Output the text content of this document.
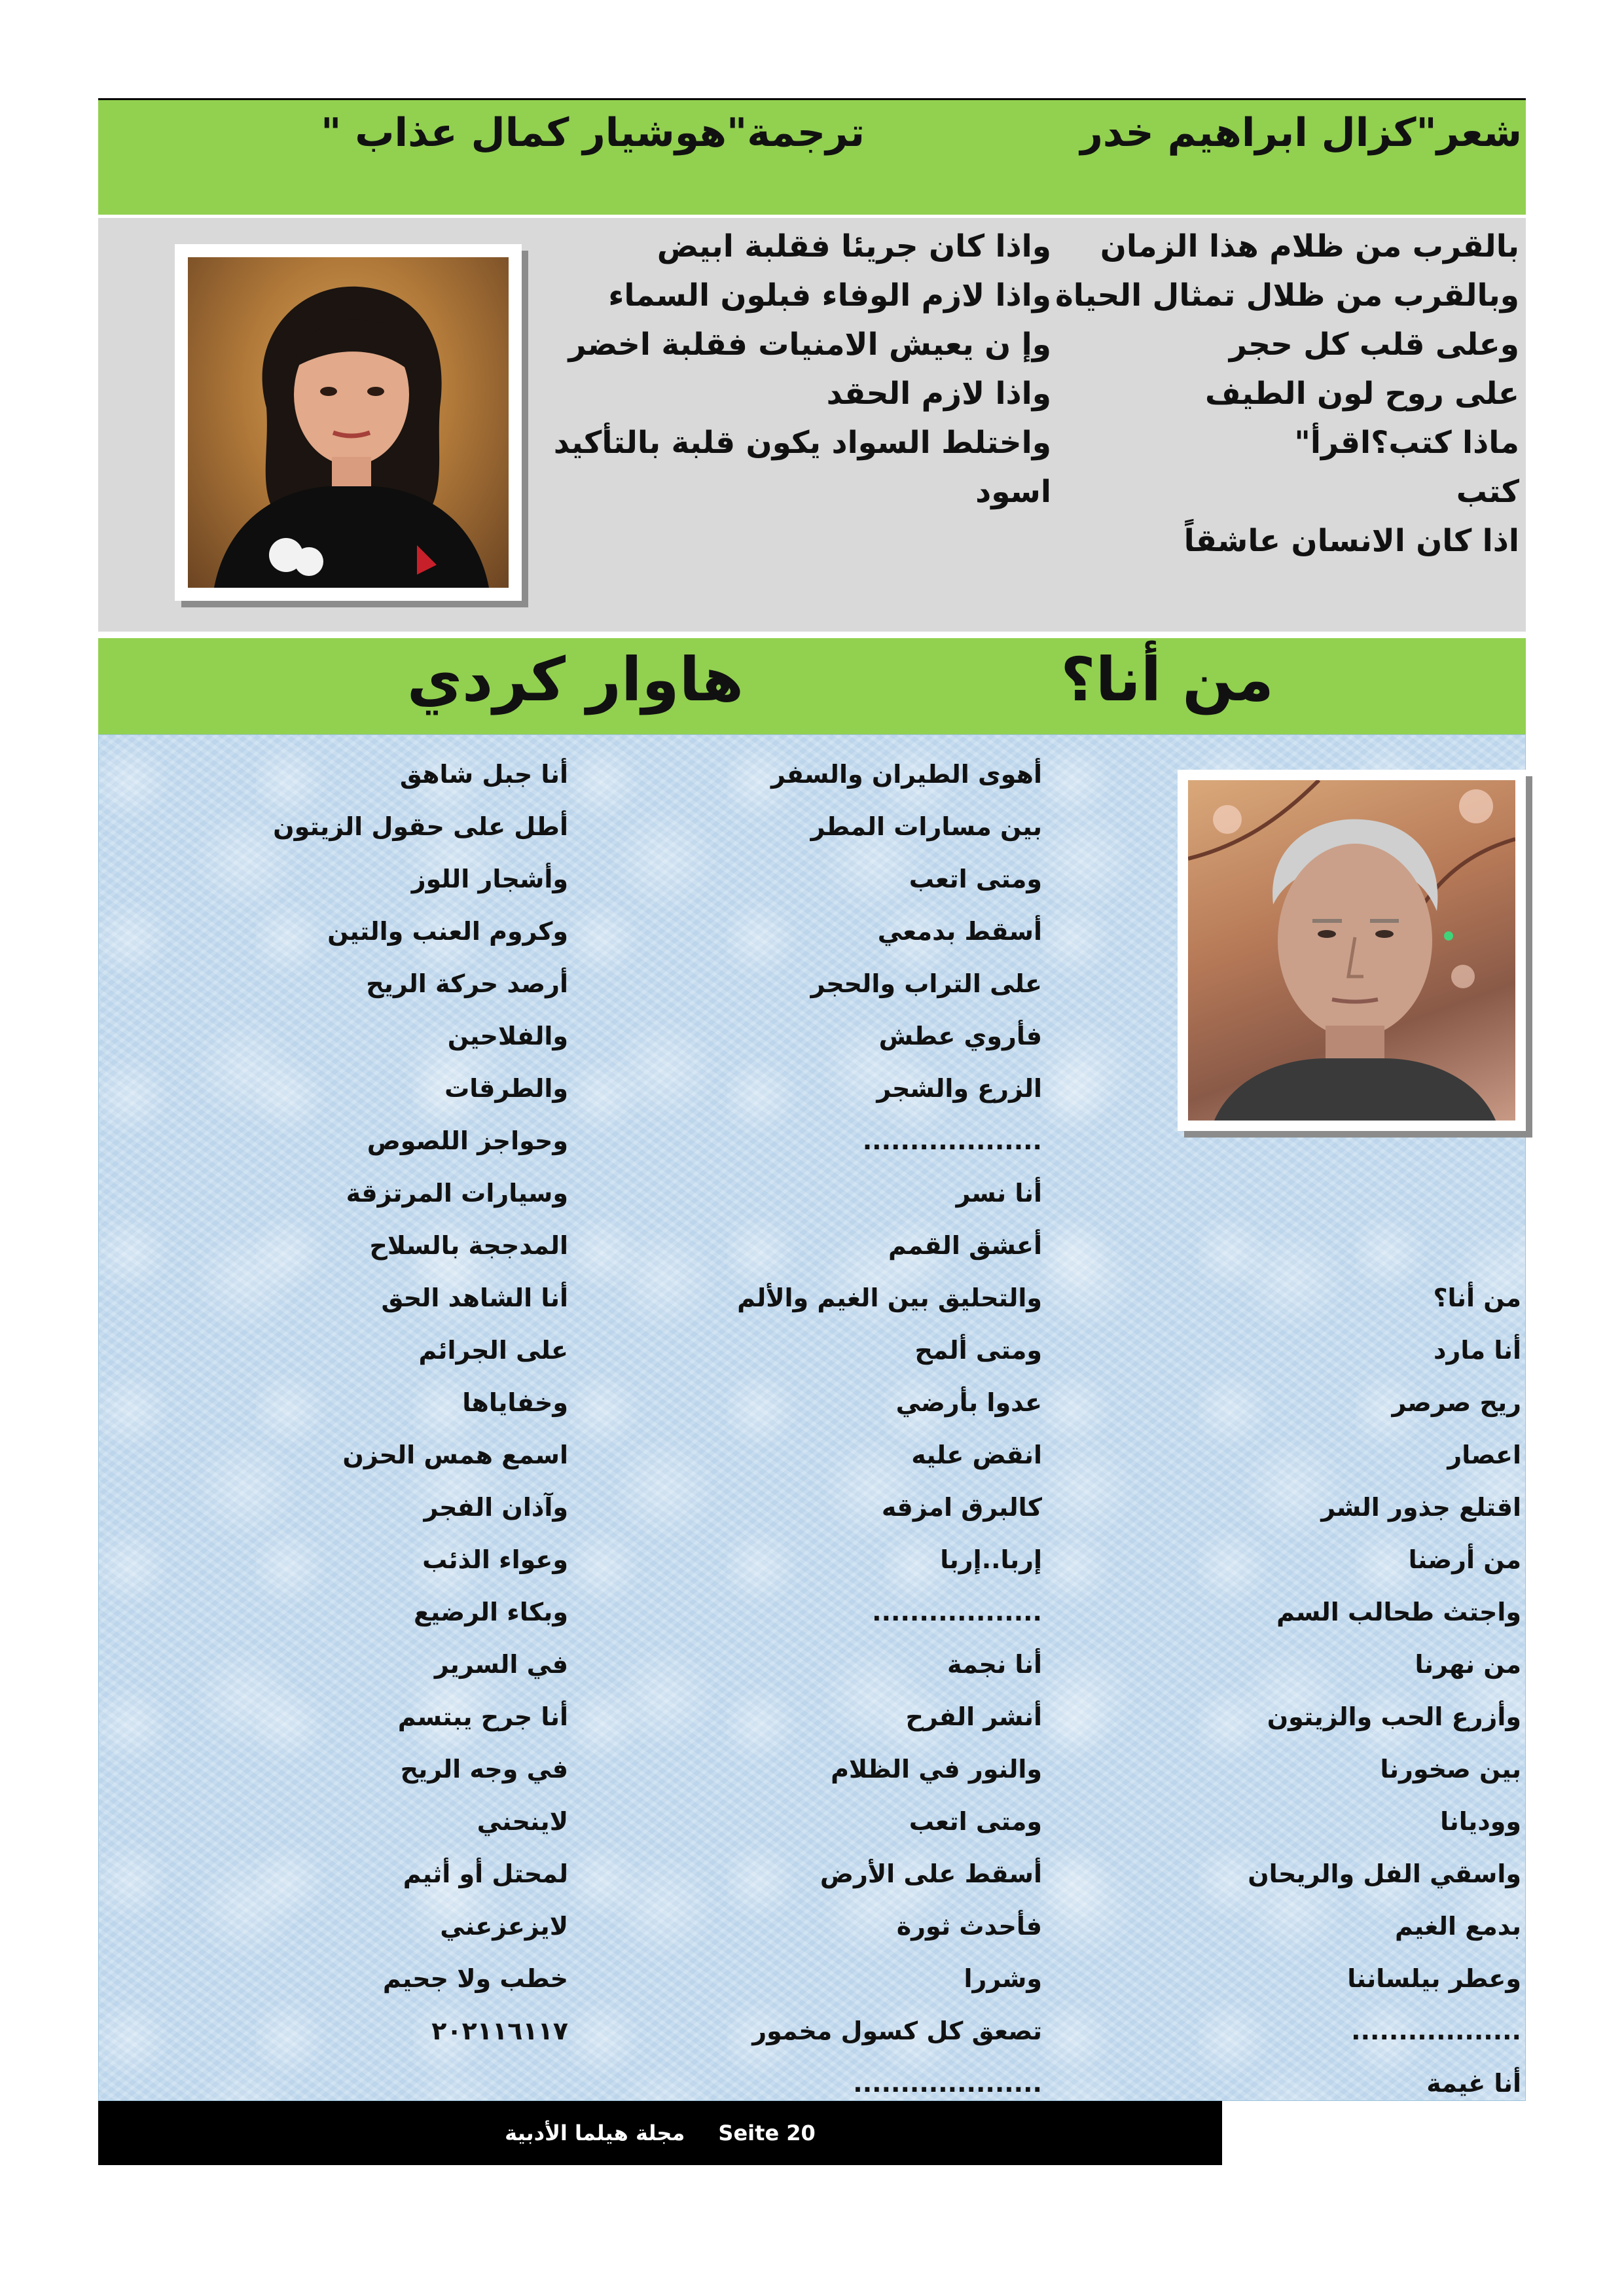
شعر"كزال ابراهيم خدر
ترجمة"هوشيار كمال عذاب "
بالقرب من ظلام هذا الزمان
وبالقرب من ظلال تمثال الحياة
وعلى قلب كل حجر
على روح لون الطيف
ماذا كتب؟اقرأ"
كتب
اذا كان الانسان عاشقاً
واذا كان جريئا فقلبة ابيض
واذا لازم الوفاء فبلون السماء
وإ ن يعيش الامنيات فقلبة اخضر
واذا لازم الحقد
واختلط السواد يكون قلبة بالتأكيد
اسود
من أنا؟
هاوار كردي
من أنا؟
أنا مارد
ريح صرصر
اعصار
اقتلع جذور الشر
من أرضنا
واجتث طحالب السم
من نهرنا
وأزرع الحب والزيتون
بين صخورنا
ووديانا
واسقي الفل والريحان
بدمع الغيم
وعطر بيلساننا
..................
أنا غيمة
أهوى الطيران والسفر
بين مسارات المطر
ومتى اتعب
أسقط بدمعي
على التراب والحجر
فأروي عطش
الزرع والشجر
...................
أنا نسر
أعشق القمم
والتحليق بين الغيم والألم
ومتى ألمح
عدوا بأرضي
انقض عليه
كالبرق امزقه
إربا..إربا
..................
أنا نجمة
أنشر الفرح
والنور في الظلام
ومتى اتعب
أسقط على الأرض
فأحدث ثورة
وشررا
تصعق كل كسول مخمور
....................
أنا جبل شاهق
أطل على حقول الزيتون
وأشجار اللوز
وكروم العنب والتين
أرصد حركة الريح
والفلاحين
والطرقات
وحواجز اللصوص
وسيارات المرتزقة
المدججة بالسلاح
أنا الشاهد الحق
على الجرائم
وخفاياها
اسمع همس الحزن
وآذان الفجر
وعواء الذئب
وبكاء الرضيع
في السرير
أنا جرح يبتسم
في وجه الريح
لاينحني
لمحتل أو أثيم
لايزعزعني
خطب ولا جحيم
٢٠٢١١٦١١٧
مجلة هيلما الأدبية Seite 20
